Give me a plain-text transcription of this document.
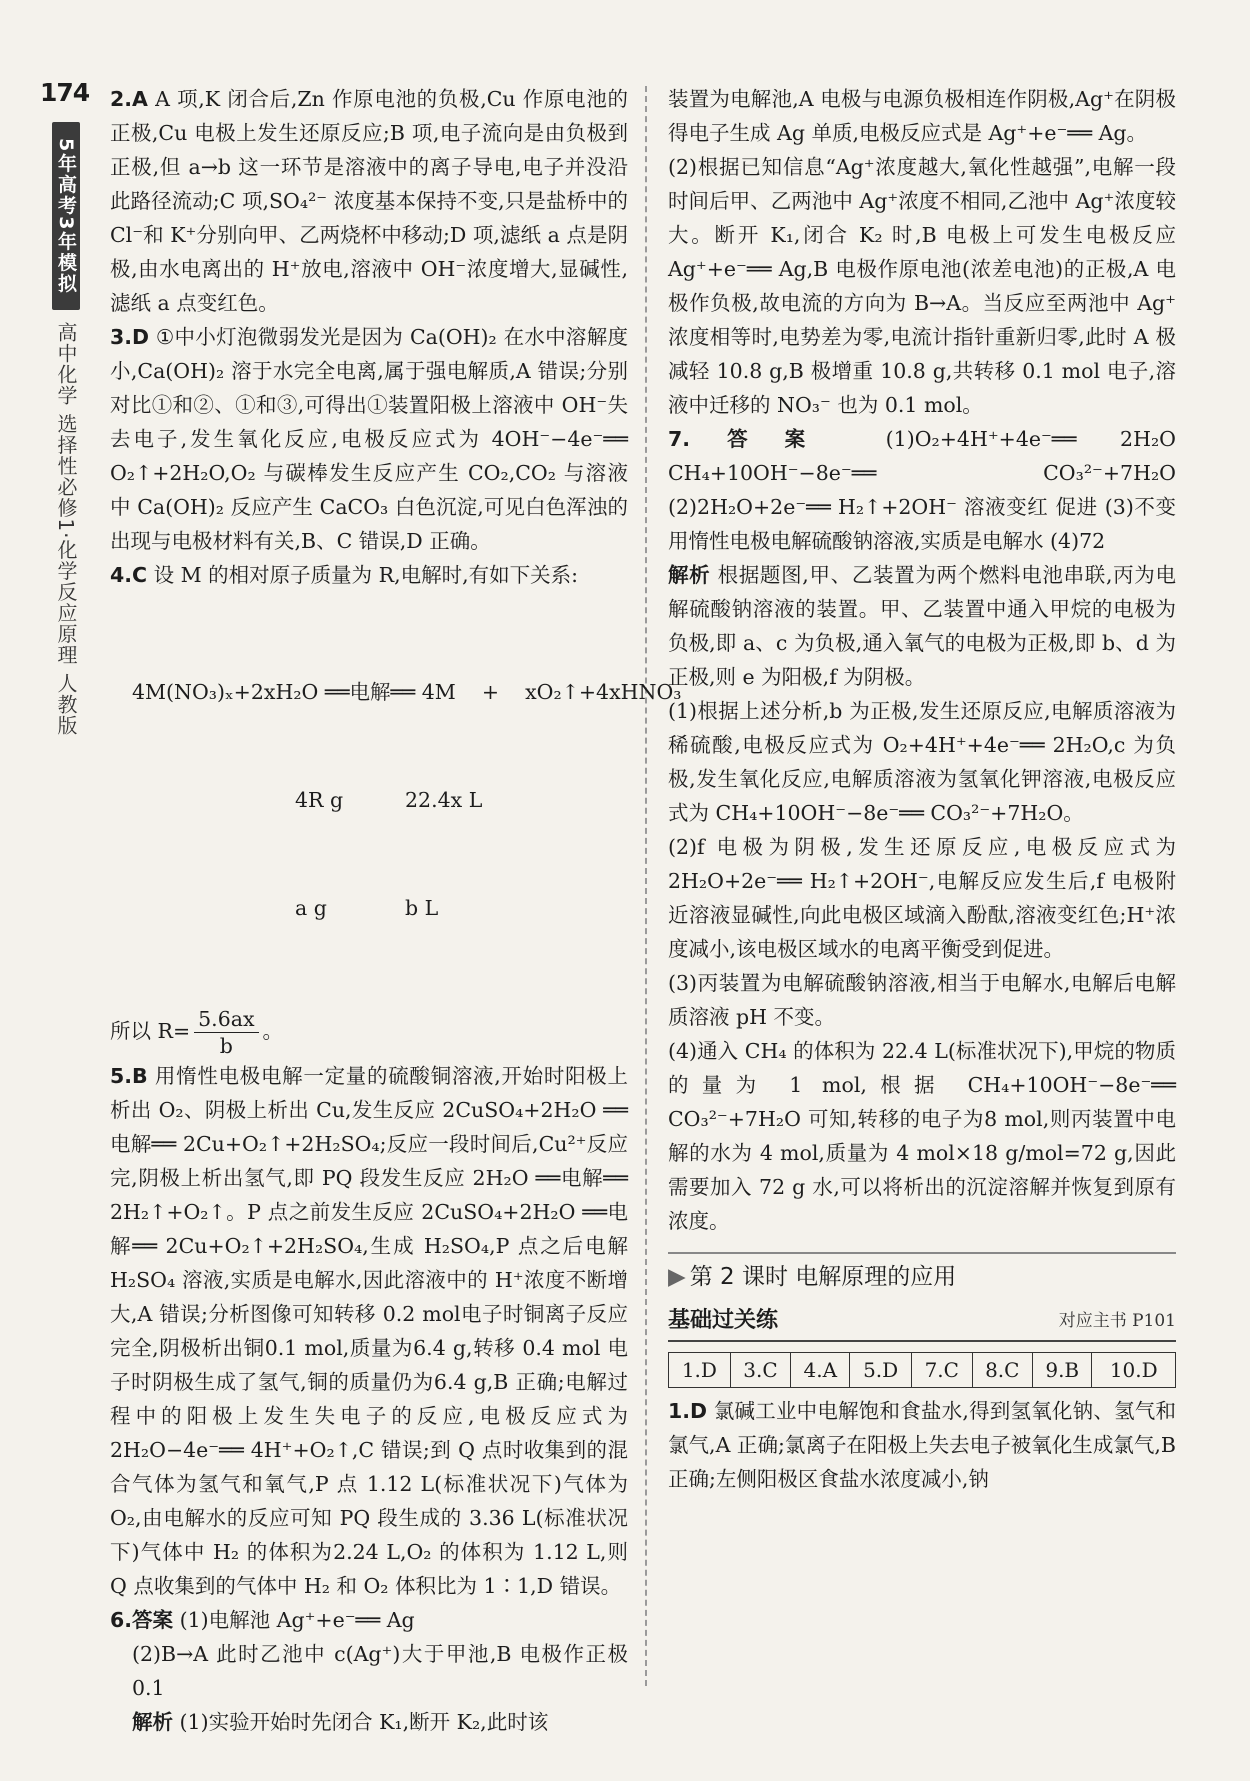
174
5年高考3年模拟
高中化学 选择性必修1·化学反应原理 人教版

2.A A 项,K 闭合后,Zn 作原电池的负极,Cu 作原电池的正极,Cu 电极上发生还原反应;B 项,电子流向是由负极到正极,但 a→b 这一环节是溶液中的离子导电,电子并没沿此路径流动;C 项,SO₄²⁻ 浓度基本保持不变,只是盐桥中的 Cl⁻和 K⁺分别向甲、乙两烧杯中移动;D 项,滤纸 a 点是阴极,由水电离出的 H⁺放电,溶液中 OH⁻浓度增大,显碱性,滤纸 a 点变红色。

3.D ①中小灯泡微弱发光是因为 Ca(OH)₂ 在水中溶解度小,Ca(OH)₂ 溶于水完全电离,属于强电解质,A 错误;分别对比①和②、①和③,可得出①装置阳极上溶液中 OH⁻失去电子,发生氧化反应,电极反应式为 4OH⁻−4e⁻══ O₂↑+2H₂O,O₂ 与碳棒发生反应产生 CO₂,CO₂ 与溶液中 Ca(OH)₂ 反应产生 CaCO₃ 白色沉淀,可见白色浑浊的出现与电极材料有关,B、C 错误,D 正确。

4.C 设 M 的相对原子质量为 R,电解时,有如下关系:

4M(NO₃)ₓ+2xH₂O ══电解══ 4M    +    xO₂↑+4xHNO₃

4R g	22.4x L

a g	b L

所以 $R= \frac{5.6ax}{b}$ 。

5.B 用惰性电极电解一定量的硫酸铜溶液,开始时阳极上析出 O₂、阴极上析出 Cu,发生反应 2CuSO₄+2H₂O ══电解══ 2Cu+O₂↑+2H₂SO₄;反应一段时间后,Cu²⁺反应完,阴极上析出氢气,即 PQ 段发生反应 2H₂O ══电解══ 2H₂↑+O₂↑。P 点之前发生反应 2CuSO₄+2H₂O ══电解══ 2Cu+O₂↑+2H₂SO₄,生成 H₂SO₄,P 点之后电解 H₂SO₄ 溶液,实质是电解水,因此溶液中的 H⁺浓度不断增大,A 错误;分析图像可知转移 0.2 mol电子时铜离子反应完全,阴极析出铜0.1 mol,质量为6.4 g,转移 0.4 mol 电子时阴极生成了氢气,铜的质量仍为6.4 g,B 正确;电解过程中的阳极上发生失电子的反应,电极反应式为 2H₂O−4e⁻══ 4H⁺+O₂↑,C 错误;到 Q 点时收集到的混合气体为氢气和氧气,P 点 1.12 L(标准状况下)气体为 O₂,由电解水的反应可知 PQ 段生成的 3.36 L(标准状况下)气体中 H₂ 的体积为2.24 L,O₂ 的体积为 1.12 L,则 Q 点收集到的气体中 H₂ 和 O₂ 体积比为 1∶1,D 错误。

6.答案 (1)电解池 Ag⁺+e⁻══ Ag

(2)B→A 此时乙池中 c(Ag⁺)大于甲池,B 电极作正极 0.1

解析 (1)实验开始时先闭合 K₁,断开 K₂,此时该

装置为电解池,A 电极与电源负极相连作阴极,Ag⁺在阴极得电子生成 Ag 单质,电极反应式是 Ag⁺+e⁻══ Ag。

(2)根据已知信息“Ag⁺浓度越大,氧化性越强”,电解一段时间后甲、乙两池中 Ag⁺浓度不相同,乙池中 Ag⁺浓度较大。断开 K₁,闭合 K₂ 时,B 电极上可发生电极反应 Ag⁺+e⁻══ Ag,B 电极作原电池(浓差电池)的正极,A 电极作负极,故电流的方向为 B→A。当反应至两池中 Ag⁺浓度相等时,电势差为零,电流计指针重新归零,此时 A 极减轻 10.8 g,B 极增重 10.8 g,共转移 0.1 mol 电子,溶液中迁移的 NO₃⁻ 也为 0.1 mol。

7.答案 (1)O₂+4H⁺+4e⁻══ 2H₂O CH₄+10OH⁻−8e⁻══ CO₃²⁻+7H₂O (2)2H₂O+2e⁻══ H₂↑+2OH⁻ 溶液变红 促进 (3)不变 用惰性电极电解硫酸钠溶液,实质是电解水 (4)72

解析 根据题图,甲、乙装置为两个燃料电池串联,丙为电解硫酸钠溶液的装置。甲、乙装置中通入甲烷的电极为负极,即 a、c 为负极,通入氧气的电极为正极,即 b、d 为正极,则 e 为阳极,f 为阴极。

(1)根据上述分析,b 为正极,发生还原反应,电解质溶液为稀硫酸,电极反应式为 O₂+4H⁺+4e⁻══ 2H₂O,c 为负极,发生氧化反应,电解质溶液为氢氧化钾溶液,电极反应式为 CH₄+10OH⁻−8e⁻══ CO₃²⁻+7H₂O。

(2)f 电极为阴极,发生还原反应,电极反应式为 2H₂O+2e⁻══ H₂↑+2OH⁻,电解反应发生后,f 电极附近溶液显碱性,向此电极区域滴入酚酞,溶液变红色;H⁺浓度减小,该电极区域水的电离平衡受到促进。

(3)丙装置为电解硫酸钠溶液,相当于电解水,电解后电解质溶液 pH 不变。

(4)通入 CH₄ 的体积为 22.4 L(标准状况下),甲烷的物质的量为 1 mol,根据 CH₄+10OH⁻−8e⁻══ CO₃²⁻+7H₂O 可知,转移的电子为8 mol,则丙装置中电解的水为 4 mol,质量为 4 mol×18 g/mol=72 g,因此需要加入 72 g 水,可以将析出的沉淀溶解并恢复到原有浓度。

▶ 第 2 课时 电解原理的应用
基础过关练	对应主书 P101
1.D	3.C	4.A	5.D	7.C	8.C	9.B	10.D

1.D 氯碱工业中电解饱和食盐水,得到氢氧化钠、氢气和氯气,A 正确;氯离子在阳极上失去电子被氧化生成氯气,B 正确;左侧阳极区食盐水浓度减小,钠
